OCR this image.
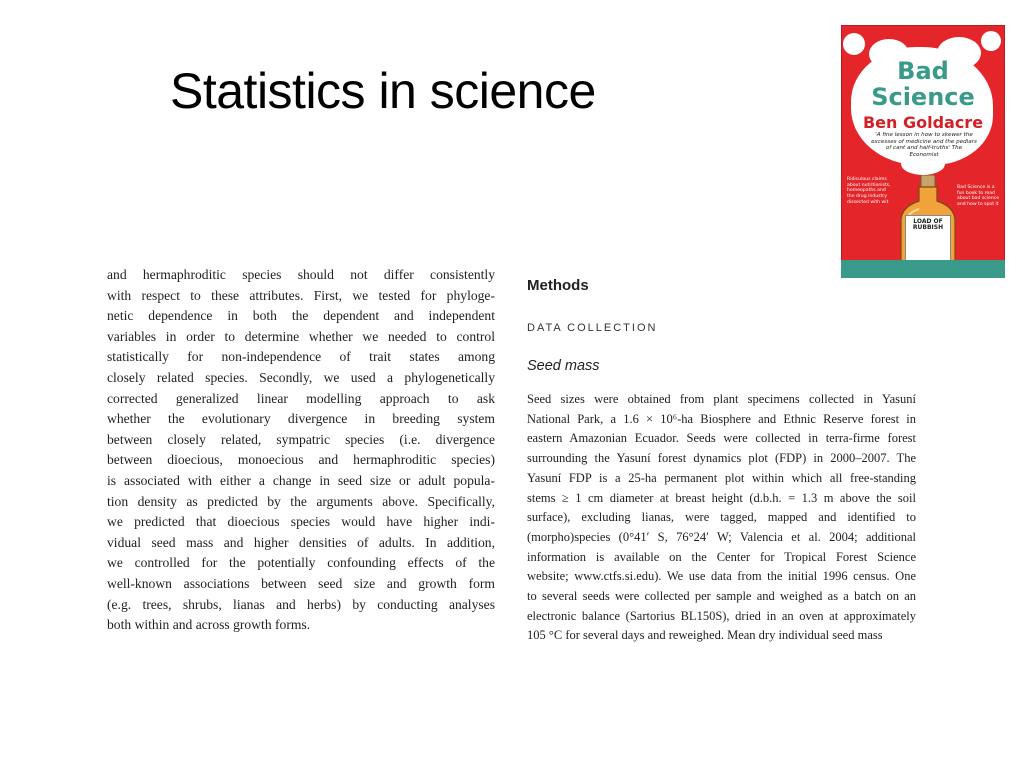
Statistics in science	Bad
Science
Ben Goldacre
'A fine lesson in how to skewer the excesses of medicine and the pedlars of cant and half-truths' The Economist
Ridiculous claims about nutritionists, homeopaths and the drug industry dissected with wit
Bad Science is a fun book to read about bad science and how to spot it
LOAD OF
RUBBISH
and hermaphroditic species should not differ consistently
with respect to these attributes. First, we tested for phyloge-
netic dependence in both the dependent and independent
variables in order to determine whether we needed to control
statistically for non-independence of trait states among
closely related species. Secondly, we used a phylogenetically
corrected generalized linear modelling approach to ask
whether the evolutionary divergence in breeding system
between closely related, sympatric species (i.e. divergence
between dioecious, monoecious and hermaphroditic species)
is associated with either a change in seed size or adult popula-
tion density as predicted by the arguments above. Specifically,
we predicted that dioecious species would have higher indi-
vidual seed mass and higher densities of adults. In addition,
we controlled for the potentially confounding effects of the
well-known associations between seed size and growth form
(e.g. trees, shrubs, lianas and herbs) by conducting analyses
both within and across growth forms.
Methods
DATA COLLECTION
Seed mass
Seed sizes were obtained from plant specimens collected in Yasuní
National Park, a 1.6 × 10⁶-ha Biosphere and Ethnic Reserve forest in
eastern Amazonian Ecuador. Seeds were collected in terra-firme forest
surrounding the Yasuní forest dynamics plot (FDP) in 2000–2007. The
Yasuní FDP is a 25-ha permanent plot within which all free-standing
stems ≥ 1 cm diameter at breast height (d.b.h. = 1.3 m above the soil
surface), excluding lianas, were tagged, mapped and identified to
(morpho)species (0°41′ S, 76°24′ W; Valencia et al. 2004; additional
information is available on the Center for Tropical Forest Science
website; www.ctfs.si.edu). We use data from the initial 1996 census. One
to several seeds were collected per sample and weighed as a batch on an
electronic balance (Sartorius BL150S), dried in an oven at approximately
105 °C for several days and reweighed. Mean dry individual seed mass
